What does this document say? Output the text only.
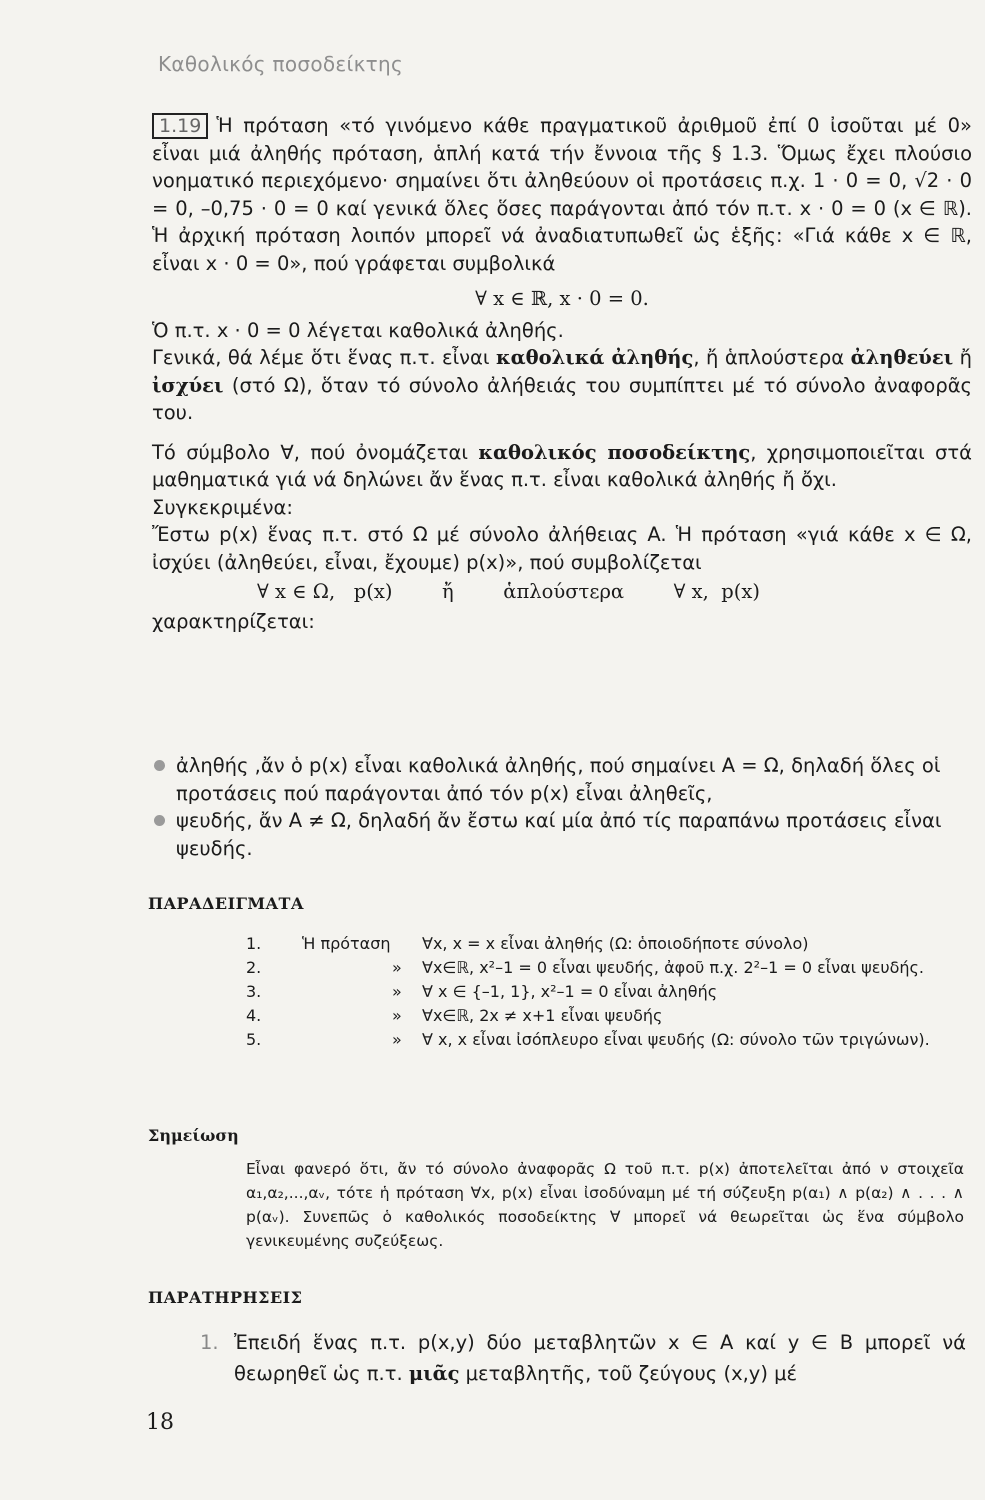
Καθολικός ποσοδείκτης

1.19 Ἡ πρόταση «τό γινόμενο κάθε πραγματικοῦ ἀριθμοῦ ἐπί 0 ἰσοῦται μέ 0» εἶναι μιά ἀληθής πρόταση, ἁπλή κατά τήν ἔννοια τῆς § 1.3. Ὅμως ἔχει πλούσιο νοηματικό περιεχόμενο· σημαίνει ὅτι ἀληθεύουν οἱ προτάσεις π.χ. 1 · 0 = 0, √2 · 0 = 0, –0,75 · 0 = 0 καί γενικά ὅλες ὅσες παράγονται ἀπό τόν π.τ. x · 0 = 0 (x ∈ ℝ). Ἡ ἀρχική πρόταση λοιπόν μπορεῖ νά ἀναδιατυπωθεῖ ὡς ἑξῆς: «Γιά κάθε x ∈ ℝ, εἶναι x · 0 = 0», πού γράφεται συμβολικά

∀ x ∈ ℝ, x · 0 = 0.

Ὁ π.τ. x · 0 = 0 λέγεται καθολικά ἀληθής.

Γενικά, θά λέμε ὅτι ἕνας π.τ. εἶναι καθολικά ἀληθής, ἤ ἁπλούστερα ἀληθεύει ἤ ἰσχύει (στό Ω), ὅταν τό σύνολο ἀλήθειάς του συμπίπτει μέ τό σύνολο ἀναφορᾶς του.

Τό σύμβολο ∀, πού ὀνομάζεται καθολικός ποσοδείκτης, χρησιμοποιεῖται στά μαθηματικά γιά νά δηλώνει ἄν ἕνας π.τ. εἶναι καθολικά ἀληθής ἤ ὄχι.

Συγκεκριμένα:

Ἔστω p(x) ἕνας π.τ. στό Ω μέ σύνολο ἀλήθειας A. Ἡ πρόταση «γιά κάθε x ∈ Ω, ἰσχύει (ἀληθεύει, εἶναι, ἔχουμε) p(x)», πού συμβολίζεται

∀ x ∈ Ω,   p(x)        ἤ        ἁπλούστερα        ∀ x,  p(x)

χαρακτηρίζεται:

ἀληθής ,ἄν ὁ p(x) εἶναι καθολικά ἀληθής, πού σημαίνει A = Ω, δηλαδή ὅλες οἱ προτάσεις πού παράγονται ἀπό τόν p(x) εἶναι ἀληθεῖς,
ψευδής, ἄν A ≠ Ω, δηλαδή ἄν ἔστω καί μία ἀπό τίς παραπάνω προτάσεις εἶναι ψευδής.
ΠΑΡΑΔΕΙΓΜΑΤΑ
1.	Ἡ πρόταση	∀x, x = x εἶναι ἀληθής (Ω: ὁποιοδήποτε σύνολο)
2.	»	∀x∈ℝ, x²–1 = 0 εἶναι ψευδής, ἀφοῦ π.χ. 2²–1 = 0 εἶναι ψευδής.
3.	»	∀ x ∈ {–1, 1}, x²–1 = 0 εἶναι ἀληθής
4.	»	∀x∈ℝ, 2x ≠ x+1 εἶναι ψευδής
5.	»	∀ x, x εἶναι ἰσόπλευρο εἶναι ψευδής (Ω: σύνολο τῶν τριγώνων).
Σημείωση
Εἶναι φανερό ὅτι, ἄν τό σύνολο ἀναφορᾶς Ω τοῦ π.τ. p(x) ἀποτελεῖται ἀπό ν στοιχεῖα α₁,α₂,...,αᵥ, τότε ἡ πρόταση ∀x, p(x) εἶναι ἰσοδύναμη μέ τή σύζευξη p(α₁) ∧ p(α₂) ∧ . . . ∧ p(αᵥ). Συνεπῶς ὁ καθολικός ποσοδείκτης ∀ μπορεῖ νά θεωρεῖται ὡς ἕνα σύμβολο γενικευμένης συζεύξεως.
ΠΑΡΑΤΗΡΗΣΕΙΣ
1. Ἐπειδή ἕνας π.τ. p(x,y) δύο μεταβλητῶν x ∈ A καί y ∈ B μπορεῖ νά θεωρηθεῖ ὡς π.τ. μιᾶς μεταβλητῆς, τοῦ ζεύγους (x,y) μέ
18
